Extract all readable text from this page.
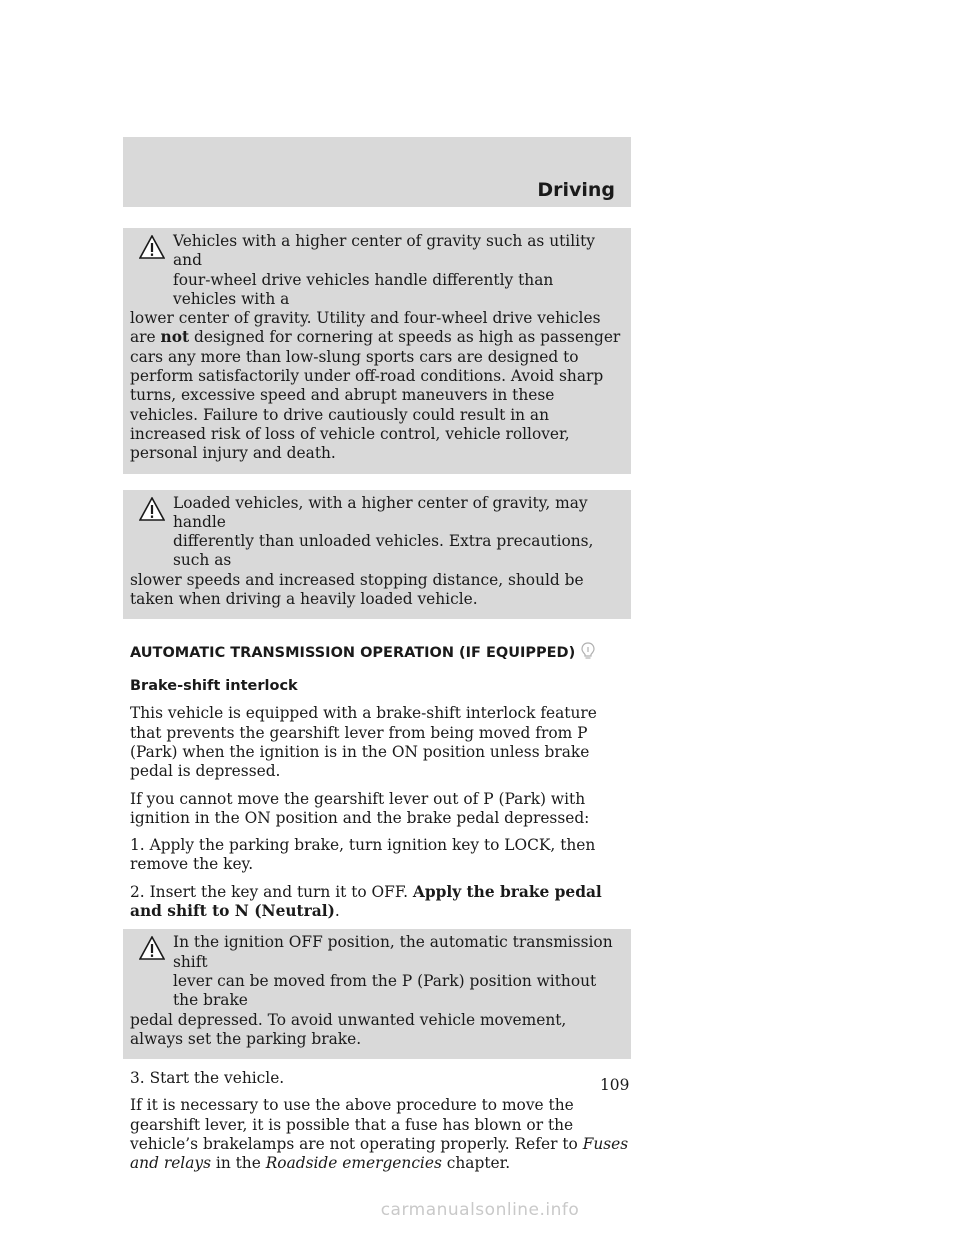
Driving
Vehicles with a higher center of gravity such as utility and
four-wheel drive vehicles handle differently than vehicles with a
lower center of gravity. Utility and four-wheel drive vehicles are not designed for cornering at speeds as high as passenger cars any more than low-slung sports cars are designed to perform satisfactorily under off-road conditions. Avoid sharp turns, excessive speed and abrupt maneuvers in these vehicles. Failure to drive cautiously could result in an increased risk of loss of vehicle control, vehicle rollover, personal injury and death.
Loaded vehicles, with a higher center of gravity, may handle
differently than unloaded vehicles. Extra precautions, such as
slower speeds and increased stopping distance, should be taken when driving a heavily loaded vehicle.

AUTOMATIC TRANSMISSION OPERATION (IF EQUIPPED)

Brake-shift interlock

This vehicle is equipped with a brake-shift interlock feature that prevents the gearshift lever from being moved from P (Park) when the ignition is in the ON position unless brake pedal is depressed.

If you cannot move the gearshift lever out of P (Park) with ignition in the ON position and the brake pedal depressed:

1. Apply the parking brake, turn ignition key to LOCK, then remove the key.

2. Insert the key and turn it to OFF. Apply the brake pedal and shift to N (Neutral).

In the ignition OFF position, the automatic transmission shift
lever can be moved from the P (Park) position without the brake
pedal depressed. To avoid unwanted vehicle movement, always set the parking brake.

3. Start the vehicle.

If it is necessary to use the above procedure to move the gearshift lever, it is possible that a fuse has blown or the vehicle’s brakelamps are not operating properly. Refer to Fuses and relays in the Roadside emergencies chapter.

109
carmanualsonline.info
